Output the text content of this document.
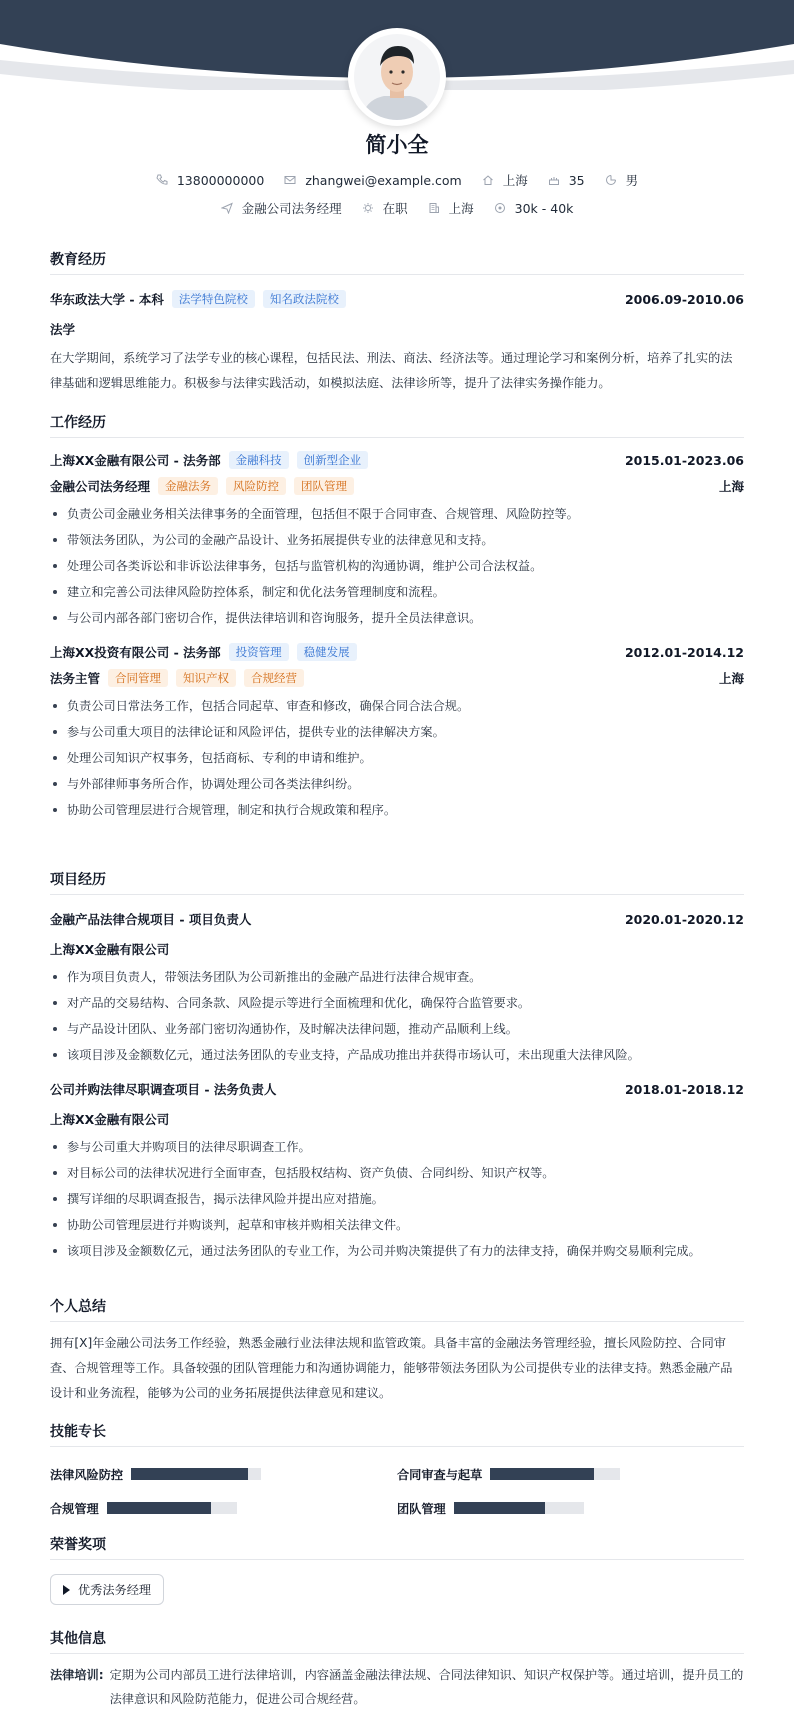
简小全
13800000000	zhangwei@example.com	上海	35	男
金融公司法务经理	在职	上海	30k - 40k
教育经历
华东政法大学 - 本科	法学特色院校	知名政法院校	2006.09-2010.06
法学
在大学期间，系统学习了法学专业的核心课程，包括民法、刑法、商法、经济法等。通过理论学习和案例分析，培养了扎实的法律基础和逻辑思维能力。积极参与法律实践活动，如模拟法庭、法律诊所等，提升了法律实务操作能力。
工作经历
上海XX金融有限公司 - 法务部	金融科技	创新型企业	2015.01-2023.06
金融公司法务经理	金融法务	风险防控	团队管理	上海
负责公司金融业务相关法律事务的全面管理，包括但不限于合同审查、合规管理、风险防控等。
带领法务团队，为公司的金融产品设计、业务拓展提供专业的法律意见和支持。
处理公司各类诉讼和非诉讼法律事务，包括与监管机构的沟通协调，维护公司合法权益。
建立和完善公司法律风险防控体系，制定和优化法务管理制度和流程。
与公司内部各部门密切合作，提供法律培训和咨询服务，提升全员法律意识。
上海XX投资有限公司 - 法务部	投资管理	稳健发展	2012.01-2014.12
法务主管	合同管理	知识产权	合规经营	上海
负责公司日常法务工作，包括合同起草、审查和修改，确保合同合法合规。
参与公司重大项目的法律论证和风险评估，提供专业的法律解决方案。
处理公司知识产权事务，包括商标、专利的申请和维护。
与外部律师事务所合作，协调处理公司各类法律纠纷。
协助公司管理层进行合规管理，制定和执行合规政策和程序。
项目经历
金融产品法律合规项目 - 项目负责人	2020.01-2020.12
上海XX金融有限公司
作为项目负责人，带领法务团队为公司新推出的金融产品进行法律合规审查。
对产品的交易结构、合同条款、风险提示等进行全面梳理和优化，确保符合监管要求。
与产品设计团队、业务部门密切沟通协作，及时解决法律问题，推动产品顺利上线。
该项目涉及金额数亿元，通过法务团队的专业支持，产品成功推出并获得市场认可，未出现重大法律风险。
公司并购法律尽职调查项目 - 法务负责人	2018.01-2018.12
上海XX金融有限公司
参与公司重大并购项目的法律尽职调查工作。
对目标公司的法律状况进行全面审查，包括股权结构、资产负债、合同纠纷、知识产权等。
撰写详细的尽职调查报告，揭示法律风险并提出应对措施。
协助公司管理层进行并购谈判，起草和审核并购相关法律文件。
该项目涉及金额数亿元，通过法务团队的专业工作，为公司并购决策提供了有力的法律支持，确保并购交易顺利完成。
个人总结
拥有[X]年金融公司法务工作经验，熟悉金融行业法律法规和监管政策。具备丰富的金融法务管理经验，擅长风险防控、合同审查、合规管理等工作。具备较强的团队管理能力和沟通协调能力，能够带领法务团队为公司提供专业的法律支持。熟悉金融产品设计和业务流程，能够为公司的业务拓展提供法律意见和建议。
技能专长
法律风险防控	合同审查与起草
合规管理	团队管理
荣誉奖项
优秀法务经理
其他信息
法律培训: 定期为公司内部员工进行法律培训，内容涵盖金融法律法规、合同法律知识、知识产权保护等。通过培训，提升员工的法律意识和风险防范能力，促进公司合规经营。
